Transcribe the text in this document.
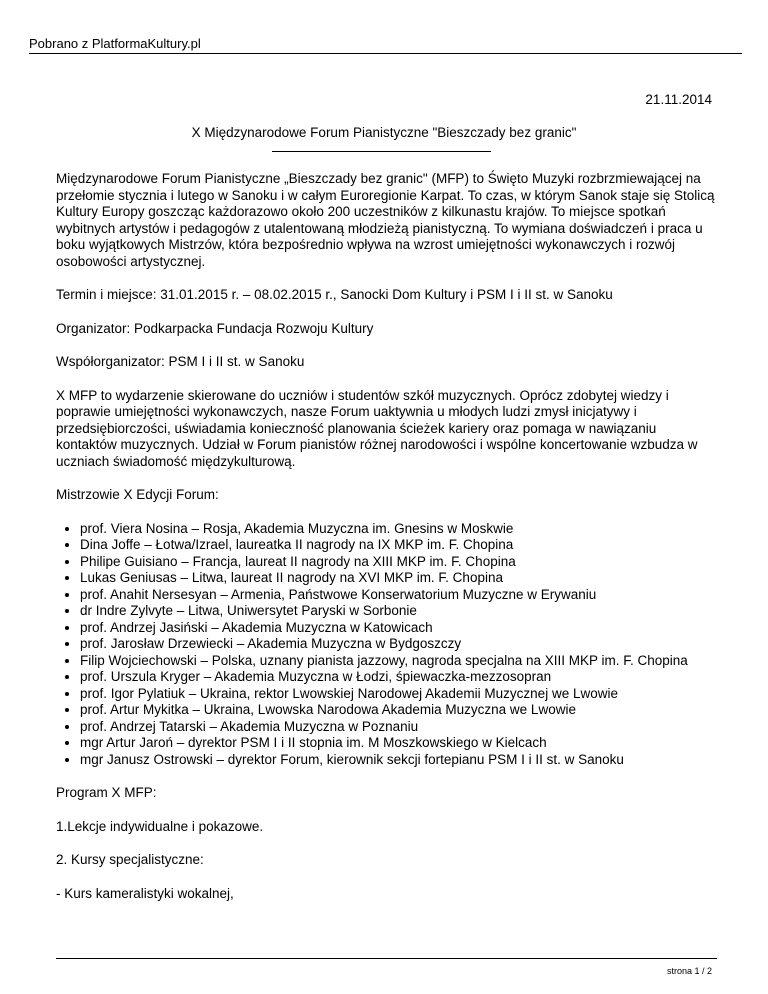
Pobrano z PlatformaKultury.pl
21.11.2014
X Międzynarodowe Forum Pianistyczne "Bieszczady bez granic"

Międzynarodowe Forum Pianistyczne „Bieszczady bez granic" (MFP) to Święto Muzyki rozbrzmiewającej na przełomie stycznia i lutego w Sanoku i w całym Euroregionie Karpat. To czas, w którym Sanok staje się Stolicą Kultury Europy goszcząc każdorazowo około 200 uczestników z kilkunastu krajów. To miejsce spotkań wybitnych artystów i pedagogów z utalentowaną młodzieżą pianistyczną. To wymiana doświadczeń i praca u boku wyjątkowych Mistrzów, która bezpośrednio wpływa na wzrost umiejętności wykonawczych i rozwój osobowości artystycznej.

Termin i miejsce: 31.01.2015 r. – 08.02.2015 r., Sanocki Dom Kultury i PSM I i II st. w Sanoku

Organizator: Podkarpacka Fundacja Rozwoju Kultury

Współorganizator: PSM I i II st. w Sanoku

X MFP to wydarzenie skierowane do uczniów i studentów szkół muzycznych. Oprócz zdobytej wiedzy i poprawie umiejętności wykonawczych, nasze Forum uaktywnia u młodych ludzi zmysł inicjatywy i przedsiębiorczości, uświadamia konieczność planowania ścieżek kariery oraz pomaga w nawiązaniu kontaktów muzycznych. Udział w Forum pianistów różnej narodowości i wspólne koncertowanie wzbudza w uczniach świadomość międzykulturową.

Mistrzowie X Edycji Forum:

• prof. Viera Nosina – Rosja, Akademia Muzyczna im. Gnesins w Moskwie
• Dina Joffe – Łotwa/Izrael, laureatka II nagrody na IX MKP im. F. Chopina
• Philipe Guisiano – Francja, laureat II nagrody na XIII MKP im. F. Chopina
• Lukas Geniusas – Litwa, laureat II nagrody na XVI MKP im. F. Chopina
• prof. Anahit Nersesyan – Armenia, Państwowe Konserwatorium Muzyczne w Erywaniu
• dr Indre Zylvyte – Litwa, Uniwersytet Paryski w Sorbonie
• prof. Andrzej Jasiński – Akademia Muzyczna w Katowicach
• prof. Jarosław Drzewiecki – Akademia Muzyczna w Bydgoszczy
• Filip Wojciechowski – Polska, uznany pianista jazzowy, nagroda specjalna na XIII MKP im. F. Chopina
• prof. Urszula Kryger – Akademia Muzyczna w Łodzi, śpiewaczka-mezzosopran
• prof. Igor Pylatiuk – Ukraina, rektor Lwowskiej Narodowej Akademii Muzycznej we Lwowie
• prof. Artur Mykitka – Ukraina, Lwowska Narodowa Akademia Muzyczna we Lwowie
• prof. Andrzej Tatarski – Akademia Muzyczna w Poznaniu
• mgr Artur Jaroń – dyrektor PSM I i II stopnia im. M Moszkowskiego w Kielcach
• mgr Janusz Ostrowski – dyrektor Forum, kierownik sekcji fortepianu PSM I i II st. w Sanoku

Program X MFP:

1.Lekcje indywidualne i pokazowe.

2. Kursy specjalistyczne:

- Kurs kameralistyki wokalnej,

strona 1 / 2
